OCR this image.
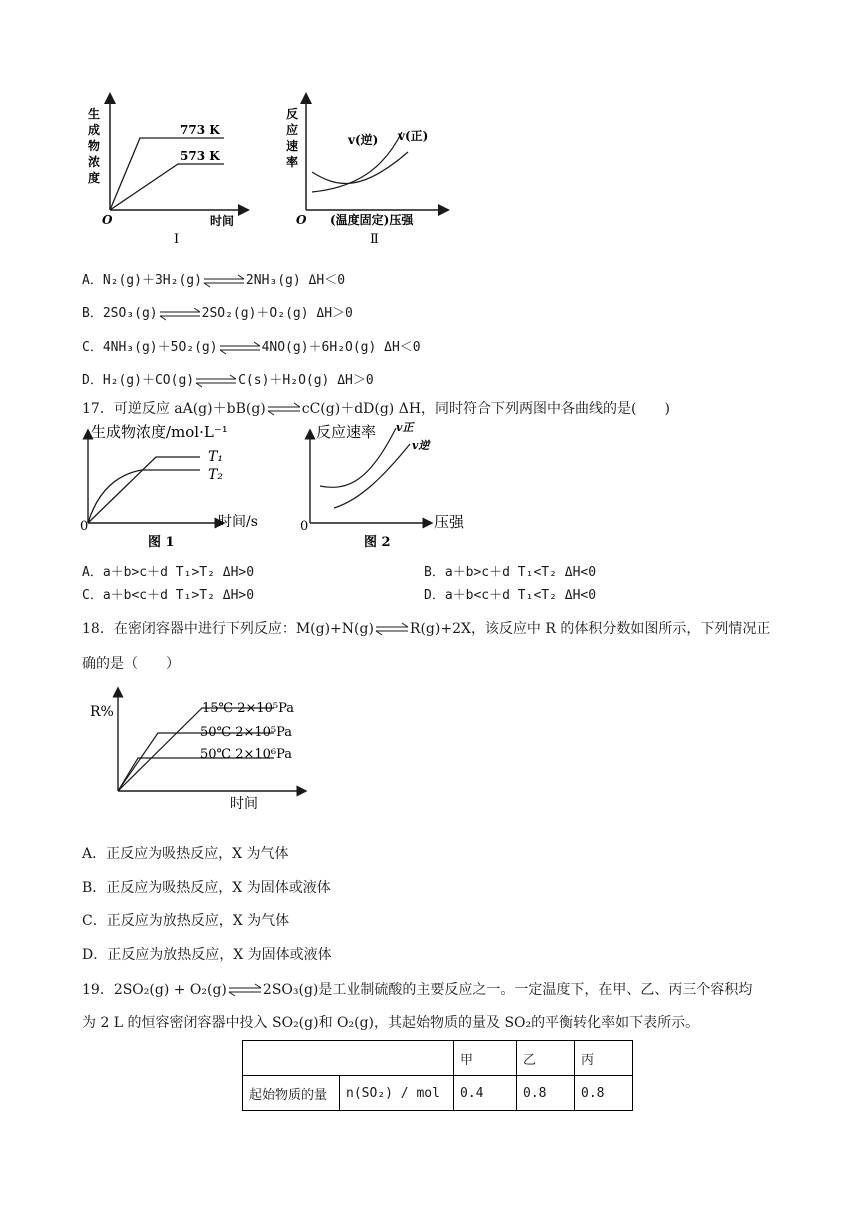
生
成
物
浓
度
O	时间
773 K
573 K
Ⅰ
反
应
速
率
O (温度固定)压强
v(逆) v(正)
Ⅱ
A．N₂(g)＋3H₂(g)⇌2NH₃(g) ΔH＜0
B．2SO₃(g)⇌2SO₂(g)＋O₂(g) ΔH＞0
C．4NH₃(g)＋5O₂(g)⇌4NO(g)＋6H₂O(g) ΔH＜0
D．H₂(g)＋CO(g)⇌C(s)＋H₂O(g) ΔH＞0
17．可逆反应 aA(g)＋bB(g)⇌cC(g)＋dD(g) ΔH，同时符合下列两图中各曲线的是(　　)
生成物浓度/mol·L⁻¹
T₁
T₂
0	时间/s
图 1
反应速率 v正
v逆
0	压强
图 2
A．a＋b>c＋d T₁>T₂ ΔH>0	B．a＋b>c＋d T₁<T₂ ΔH<0
C．a＋b<c＋d T₁>T₂ ΔH>0	D．a＋b<c＋d T₁<T₂ ΔH<0
18．在密闭容器中进行下列反应：M(g)+N(g)⇌R(g)+2X，该反应中 R 的体积分数如图所示，下列情况正
确的是（　　）
R%	15℃ 2×10⁵Pa
50℃ 2×10⁵Pa
50℃ 2×10⁶Pa
时间
A．正反应为吸热反应，X 为气体
B．正反应为吸热反应，X 为固体或液体
C．正反应为放热反应，X 为气体
D．正反应为放热反应，X 为固体或液体
19．2SO₂(g) + O₂(g)⇌2SO₃(g)是工业制硫酸的主要反应之一。一定温度下，在甲、乙、丙三个容积均
为 2 L 的恒容密闭容器中投入 SO₂(g)和 O₂(g)，其起始物质的量及 SO₂的平衡转化率如下表所示。
		甲	乙	丙
起始物质的量	n(SO₂) / mol	0.4	0.8	0.8
